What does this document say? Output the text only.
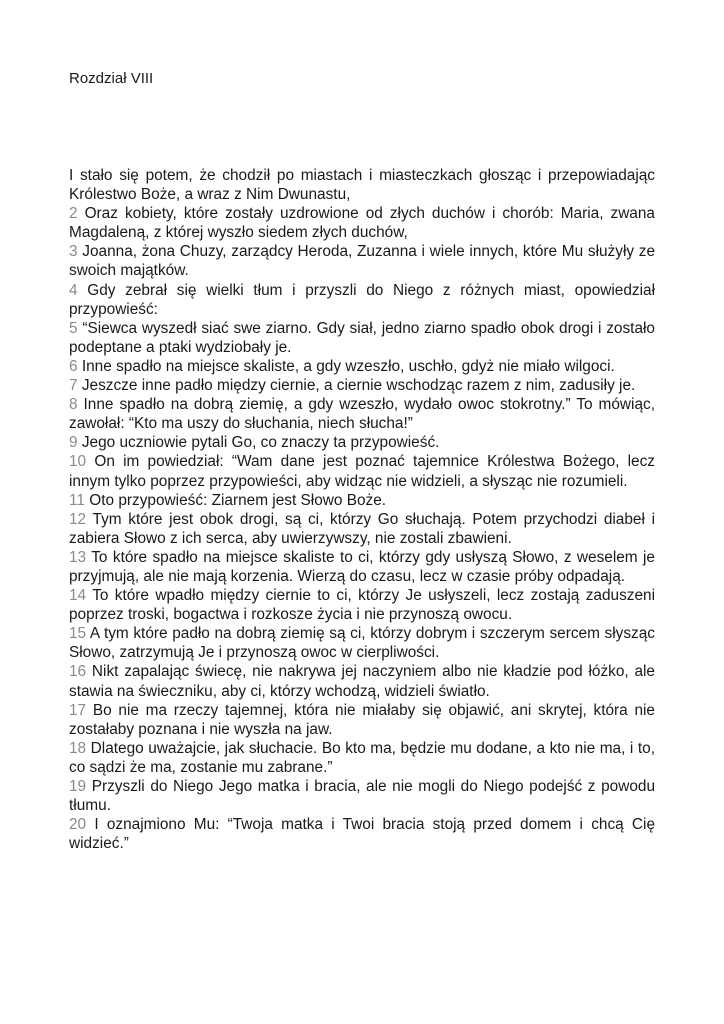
Rozdział VIII

I stało się potem, że chodził po miastach i miasteczkach głosząc i przepowiadając Królestwo Boże, a wraz z Nim Dwunastu,

2 Oraz kobiety, które zostały uzdrowione od złych duchów i chorób: Maria, zwana Magdaleną, z której wyszło siedem złych duchów,

3 Joanna, żona Chuzy, zarządcy Heroda, Zuzanna i wiele innych, które Mu służyły ze swoich majątków.

4 Gdy zebrał się wielki tłum i przyszli do Niego z różnych miast, opowiedział przypowieść:

5 “Siewca wyszedł siać swe ziarno. Gdy siał, jedno ziarno spadło obok drogi i zostało podeptane a ptaki wydziobały je.

6 Inne spadło na miejsce skaliste, a gdy wzeszło, uschło, gdyż nie miało wilgoci.

7 Jeszcze inne padło między ciernie, a ciernie wschodząc razem z nim, zadusiły je.

8 Inne spadło na dobrą ziemię, a gdy wzeszło, wydało owoc stokrotny.” To mówiąc, zawołał: “Kto ma uszy do słuchania, niech słucha!”

9 Jego uczniowie pytali Go, co znaczy ta przypowieść.

10 On im powiedział: “Wam dane jest poznać tajemnice Królestwa Bożego, lecz innym tylko poprzez przypowieści, aby widząc nie widzieli, a słysząc nie rozumieli.

11 Oto przypowieść: Ziarnem jest Słowo Boże.

12 Tym które jest obok drogi, są ci, którzy Go słuchają. Potem przychodzi diabeł i zabiera Słowo z ich serca, aby uwierzywszy, nie zostali zbawieni.

13 To które spadło na miejsce skaliste to ci, którzy gdy usłyszą Słowo, z weselem je przyjmują, ale nie mają korzenia. Wierzą do czasu, lecz w czasie próby odpadają.

14 To które wpadło między ciernie to ci, którzy Je usłyszeli, lecz zostają zaduszeni poprzez troski, bogactwa i rozkosze życia i nie przynoszą owocu.

15 A tym które padło na dobrą ziemię są ci, którzy dobrym i szczerym sercem słysząc Słowo, zatrzymują Je i przynoszą owoc w cierpliwości.

16 Nikt zapalając świecę, nie nakrywa jej naczyniem albo nie kładzie pod łóżko, ale stawia na świeczniku, aby ci, którzy wchodzą, widzieli światło.

17 Bo nie ma rzeczy tajemnej, która nie miałaby się objawić, ani skrytej, która nie zostałaby poznana i nie wyszła na jaw.

18 Dlatego uważajcie, jak słuchacie. Bo kto ma, będzie mu dodane, a kto nie ma, i to, co sądzi że ma, zostanie mu zabrane.”

19 Przyszli do Niego Jego matka i bracia, ale nie mogli do Niego podejść z powodu tłumu.

20 I oznajmiono Mu: “Twoja matka i Twoi bracia stoją przed domem i chcą Cię widzieć.”
